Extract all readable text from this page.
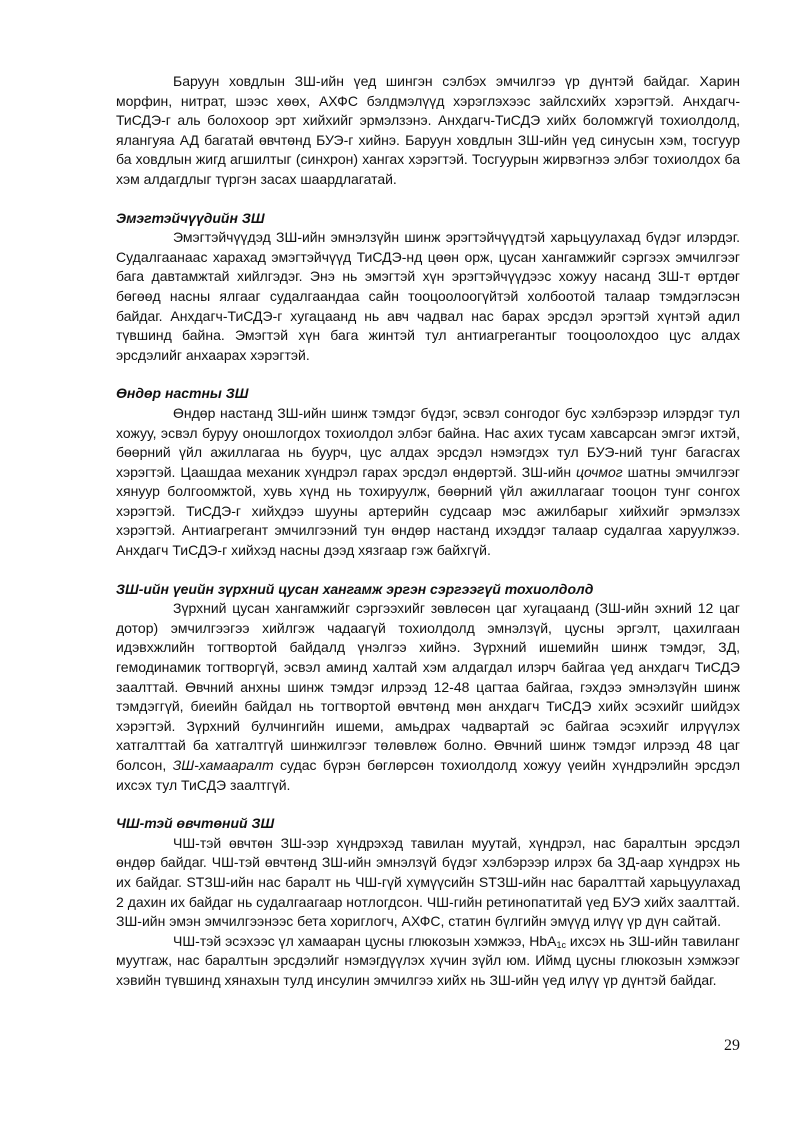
Баруун ховдлын ЗШ-ийн үед шингэн сэлбэх эмчилгээ үр дүнтэй байдаг. Харин морфин, нитрат, шээс хөөх, АХФС бэлдмэлүүд хэрэглэхээс зайлсхийх хэрэгтэй. Анхдагч-ТиСДЭ-г аль болохоор эрт хийхийг эрмэлзэнэ. Анхдагч-ТиСДЭ хийх боломжгүй тохиолдолд, ялангуяа АД багатай өвчтөнд БУЭ-г хийнэ. Баруун ховдлын ЗШ-ийн үед синусын хэм, тосгуур ба ховдлын жигд агшилтыг (синхрон) хангах хэрэгтэй. Тосгуурын жирвэгнээ элбэг тохиолдох ба хэм алдагдлыг түргэн засах шаардлагатай.

Эмэгтэйчүүдийн ЗШ

Эмэгтэйчүүдэд ЗШ-ийн эмнэлзүйн шинж эрэгтэйчүүдтэй харьцуулахад бүдэг илэрдэг. Судалгаанаас харахад эмэгтэйчүүд ТиСДЭ-нд цөөн орж, цусан хангамжийг сэргээх эмчилгээг бага давтамжтай хийлгэдэг. Энэ нь эмэгтэй хүн эрэгтэйчүүдээс хожуу насанд ЗШ-т өртдөг бөгөөд насны ялгааг судалгаандаа сайн тооцоолоогүйтэй холбоотой талаар тэмдэглэсэн байдаг. Анхдагч-ТиСДЭ-г хугацаанд нь авч чадвал нас барах эрсдэл эрэгтэй хүнтэй адил түвшинд байна. Эмэгтэй хүн бага жинтэй тул антиагрегантыг тооцоолохдоо цус алдах эрсдэлийг анхаарах хэрэгтэй.

Өндөр настны ЗШ

Өндөр настанд ЗШ-ийн шинж тэмдэг бүдэг, эсвэл сонгодог бус хэлбэрээр илэрдэг тул хожуу, эсвэл буруу оношлогдох тохиолдол элбэг байна. Нас ахих тусам хавсарсан эмгэг ихтэй, бөөрний үйл ажиллагаа нь буурч, цус алдах эрсдэл нэмэгдэх тул БУЭ-ний тунг багасгах хэрэгтэй. Цаашдаа механик хүндрэл гарах эрсдэл өндөртэй. ЗШ-ийн цочмог шатны эмчилгээг хянуур болгоомжтой, хувь хүнд нь тохируулж, бөөрний үйл ажиллагааг тооцон тунг сонгох хэрэгтэй. ТиСДЭ-г хийхдээ шууны артерийн судсаар мэс ажилбарыг хийхийг эрмэлзэх хэрэгтэй. Антиагрегант эмчилгээний тун өндөр настанд ихэддэг талаар судалгаа харуулжээ. Анхдагч ТиСДЭ-г хийхэд насны дээд хязгаар гэж байхгүй.

ЗШ-ийн үеийн зүрхний цусан хангамж эргэн сэргээгүй тохиолдолд

Зүрхний цусан хангамжийг сэргээхийг зөвлөсөн цаг хугацаанд (ЗШ-ийн эхний 12 цаг дотор) эмчилгээгээ хийлгэж чадаагүй тохиолдолд эмнэлзүй, цусны эргэлт, цахилгаан идэвхжлийн тогтвортой байдалд үнэлгээ хийнэ. Зүрхний ишемийн шинж тэмдэг, ЗД, гемодинамик тогтворгүй, эсвэл аминд халтай хэм алдагдал илэрч байгаа үед анхдагч ТиСДЭ заалттай. Өвчний анхны шинж тэмдэг илрээд 12-48 цагтаа байгаа, гэхдээ эмнэлзүйн шинж тэмдэггүй, биеийн байдал нь тогтвортой өвчтөнд мөн анхдагч ТиСДЭ хийх эсэхийг шийдэх хэрэгтэй. Зүрхний булчингийн ишеми, амьдрах чадвартай эс байгаа эсэхийг илрүүлэх хатгалттай ба хатгалтгүй шинжилгээг төлөвлөж болно. Өвчний шинж тэмдэг илрээд 48 цаг болсон, ЗШ-хамааралт судас бүрэн бөглөрсөн тохиолдолд хожуу үеийн хүндрэлийн эрсдэл ихсэх тул ТиСДЭ заалтгүй.

ЧШ-тэй өвчтөний ЗШ

ЧШ-тэй өвчтөн ЗШ-ээр хүндрэхэд тавилан муутай, хүндрэл, нас баралтын эрсдэл өндөр байдаг. ЧШ-тэй өвчтөнд ЗШ-ийн эмнэлзүй бүдэг хэлбэрээр илрэх ба ЗД-аар хүндрэх нь их байдаг. STЗШ-ийн нас баралт нь ЧШ-гүй хүмүүсийн STЗШ-ийн нас баралттай харьцуулахад 2 дахин их байдаг нь судалгаагаар нотлогдсон. ЧШ-гийн ретинопатитай үед БУЭ хийх заалттай. ЗШ-ийн эмэн эмчилгээнээс бета хориглогч, АХФС, статин бүлгийн эмүүд илүү үр дүн сайтай.

ЧШ-тэй эсэхээс үл хамааран цусны глюкозын хэмжээ, HbA$_{1c}$ ихсэх нь ЗШ-ийн тавиланг муутгаж, нас баралтын эрсдэлийг нэмэгдүүлэх хүчин зүйл юм. Иймд цусны глюкозын хэмжээг хэвийн түвшинд хянахын тулд инсулин эмчилгээ хийх нь ЗШ-ийн үед илүү үр дүнтэй байдаг.

29
